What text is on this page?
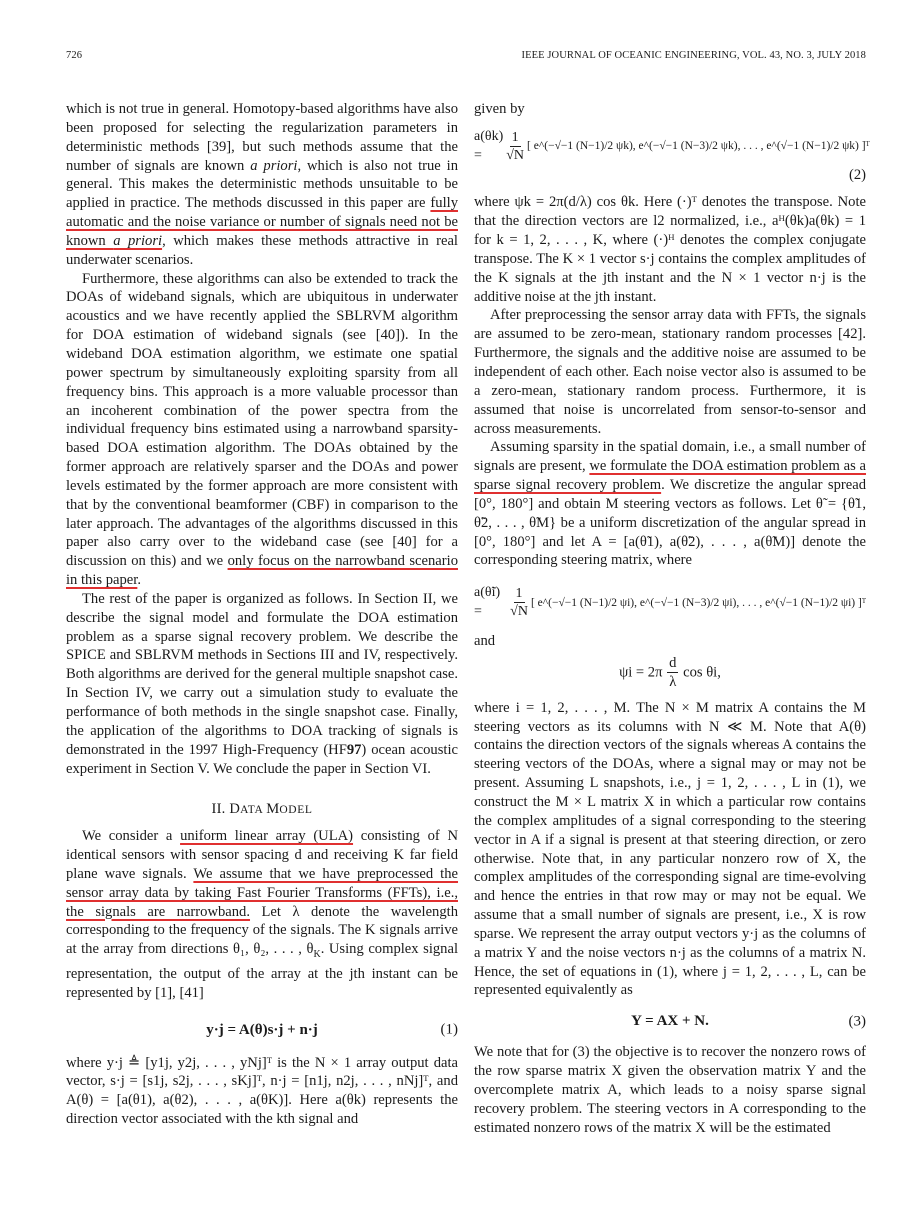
726	IEEE JOURNAL OF OCEANIC ENGINEERING, VOL. 43, NO. 3, JULY 2018

which is not true in general. Homotopy-based algorithms have also been proposed for selecting the regularization parameters in deterministic methods [39], but such methods assume that the number of signals are known a priori, which is also not true in general. This makes the deterministic methods unsuitable to be applied in practice. The methods discussed in this paper are fully automatic and the noise variance or number of signals need not be known a priori, which makes these methods attractive in real underwater scenarios.

Furthermore, these algorithms can also be extended to track the DOAs of wideband signals, which are ubiquitous in underwater acoustics and we have recently applied the SBLRVM algorithm for DOA estimation of wideband signals (see [40]). In the wideband DOA estimation algorithm, we estimate one spatial power spectrum by simultaneously exploiting sparsity from all frequency bins. This approach is a more valuable processor than an incoherent combination of the power spectra from the individual frequency bins estimated using a narrowband sparsity-based DOA estimation algorithm. The DOAs obtained by the former approach are relatively sparser and the DOAs and power levels estimated by the former approach are more consistent with that by the conventional beamformer (CBF) in comparison to the later approach. The advantages of the algorithms discussed in this paper also carry over to the wideband case (see [40] for a discussion on this) and we only focus on the narrowband scenario in this paper.

The rest of the paper is organized as follows. In Section II, we describe the signal model and formulate the DOA estimation problem as a sparse signal recovery problem. We describe the SPICE and SBLRVM methods in Sections III and IV, respectively. Both algorithms are derived for the general multiple snapshot case. In Section IV, we carry out a simulation study to evaluate the performance of both methods in the single snapshot case. Finally, the application of the algorithms to DOA tracking of signals is demonstrated in the 1997 High-Frequency (HF97) ocean acoustic experiment in Section V. We conclude the paper in Section VI.

II. DATA MODEL

We consider a uniform linear array (ULA) consisting of N identical sensors with sensor spacing d and receiving K far field plane wave signals. We assume that we have preprocessed the sensor array data by taking Fast Fourier Transforms (FFTs), i.e., the signals are narrowband. Let λ denote the wavelength corresponding to the frequency of the signals. The K signals arrive at the array from directions θ₁, θ₂, . . . , $\theta_K$. Using complex signal representation, the output of the array at the jth instant can be represented by [1], [41]

y·j = A(θ)s·j + n·j	(1)

where y·j ≜ [y1j, y2j, . . . , yNj]ᵀ is the N × 1 array output data vector, s·j = [s1j, s2j, . . . , sKj]ᵀ, n·j = [n1j, n2j, . . . , nNj]ᵀ, and A(θ) = [a(θ1), a(θ2), . . . , a(θK)]. Here a(θk) represents the direction vector associated with the kth signal and

given by

a(θk) =	$\frac{1}{√N}$ [ e^(−√−1 (N−1)/2 ψk), e^(−√−1 (N−3)/2 ψk), . . . , e^(√−1 (N−1)/2 ψk) ]ᵀ
(2)

where ψk = 2π(d/λ) cos θk. Here (·)ᵀ denotes the transpose. Note that the direction vectors are l2 normalized, i.e., aᴴ(θk)a(θk) = 1 for k = 1, 2, . . . , K, where (·)ᴴ denotes the complex conjugate transpose. The K × 1 vector s·j contains the complex amplitudes of the K signals at the jth instant and the N × 1 vector n·j is the additive noise at the jth instant.

After preprocessing the sensor array data with FFTs, the signals are assumed to be zero-mean, stationary random processes [42]. Furthermore, the signals and the additive noise are assumed to be independent of each other. Each noise vector also is assumed to be a zero-mean, stationary random process. Furthermore, it is assumed that noise is uncorrelated from sensor-to-sensor and across measurements.

Assuming sparsity in the spatial domain, i.e., a small number of signals are present, we formulate the DOA estimation problem as a sparse signal recovery problem. We discretize the angular spread [0°, 180°] and obtain M steering vectors as follows. Let θ̃ = {θ̃1, θ̃2, . . . , θ̃M} be a uniform discretization of the angular spread in [0°, 180°] and let A = [a(θ̃1), a(θ̃2), . . . , a(θ̃M)] denote the corresponding steering matrix, where

a(θ̃i) =	$\frac{1}{√N}$ [ e^(−√−1 (N−1)/2 ψi), e^(−√−1 (N−3)/2 ψi), . . . , e^(√−1 (N−1)/2 ψi) ]ᵀ

and

$\psi i = 2\pi \frac{d}{\lambda}$ cos θi,

where i = 1, 2, . . . , M. The N × M matrix A contains the M steering vectors as its columns with N ≪ M. Note that A(θ) contains the direction vectors of the signals whereas A contains the steering vectors of the DOAs, where a signal may or may not be present. Assuming L snapshots, i.e., j = 1, 2, . . . , L in (1), we construct the M × L matrix X in which a particular row contains the complex amplitudes of a signal corresponding to the steering vector in A if a signal is present at that steering direction, or zero otherwise. Note that, in any particular nonzero row of X, the complex amplitudes of the corresponding signal are time-evolving and hence the entries in that row may or may not be equal. We assume that a small number of signals are present, i.e., X is row sparse. We represent the array output vectors y·j as the columns of a matrix Y and the noise vectors n·j as the columns of a matrix N. Hence, the set of equations in (1), where j = 1, 2, . . . , L, can be represented equivalently as

Y = AX + N.	(3)

We note that for (3) the objective is to recover the nonzero rows of the row sparse matrix X given the observation matrix Y and the overcomplete matrix A, which leads to a noisy sparse signal recovery problem. The steering vectors in A corresponding to the estimated nonzero rows of the matrix X will be the estimated
